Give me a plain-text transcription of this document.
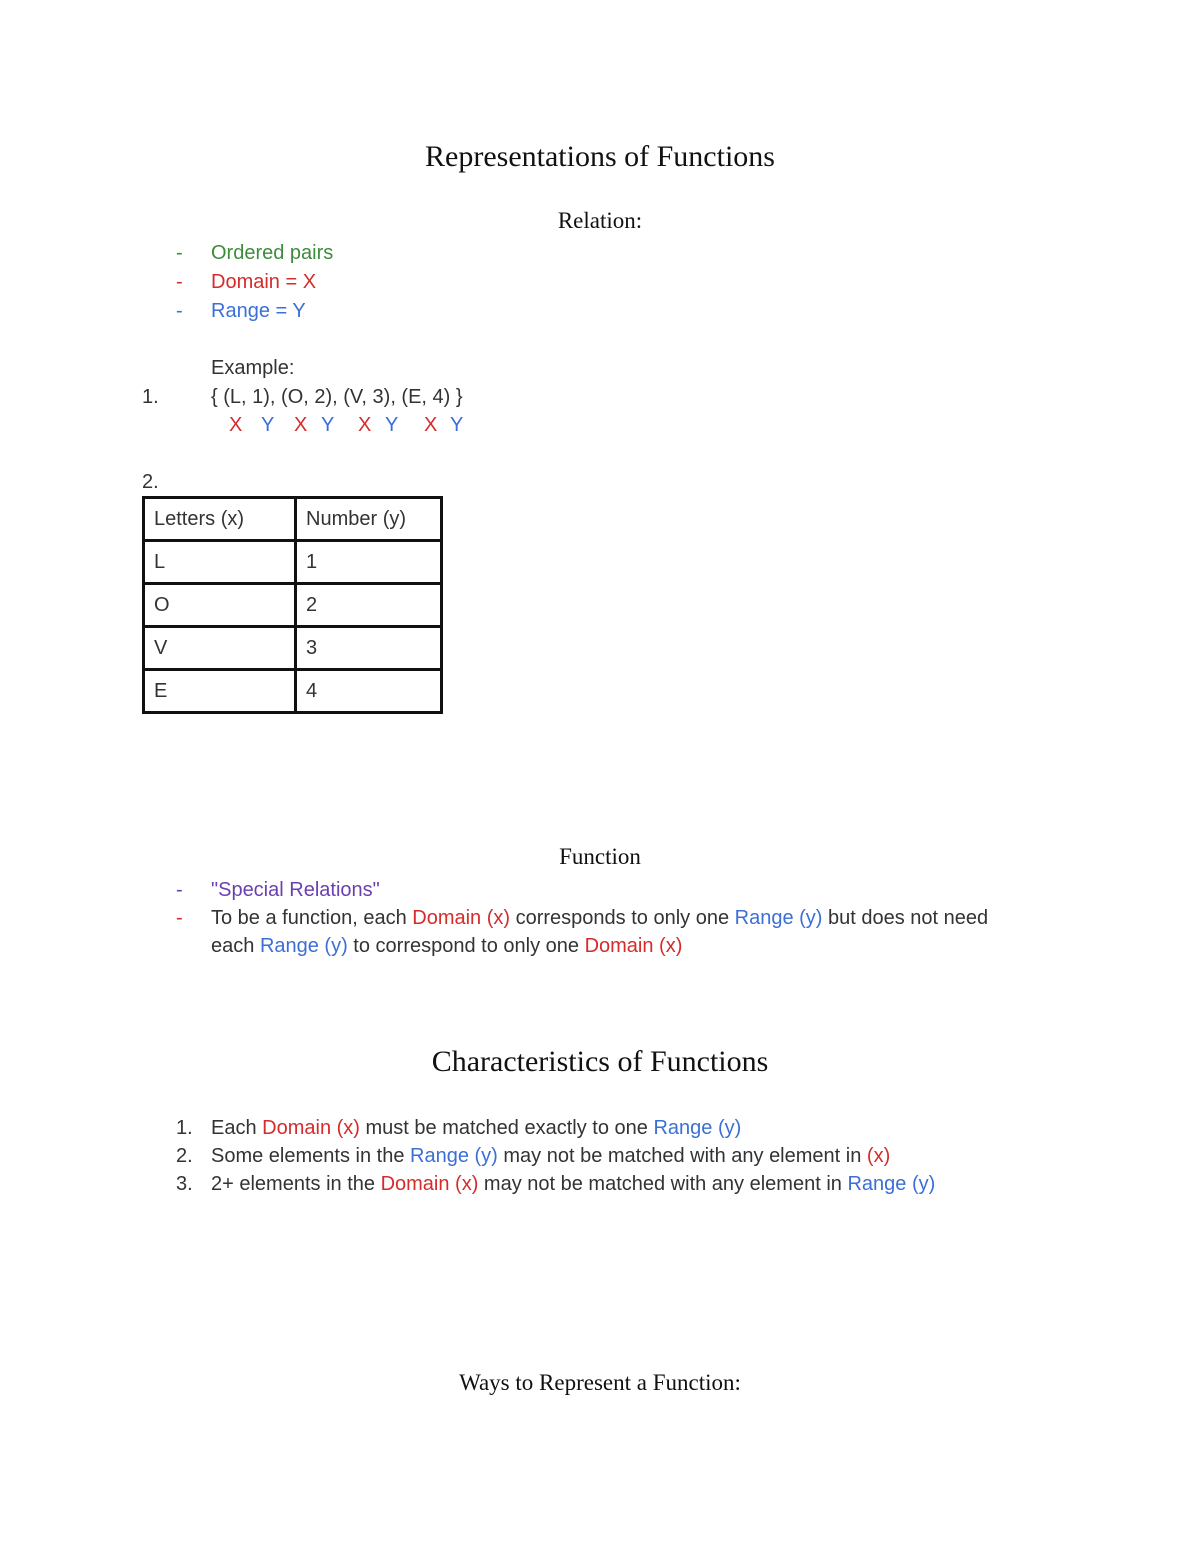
Representations of Functions
Relation:
- Ordered pairs
- Domain = X
- Range = Y
Example:
1.	{ (L, 1), (O, 2), (V, 3), (E, 4) }
X Y X Y X Y X Y
2.
Letters (x)	Number (y)
L	1
O	2
V	3
E	4
Function
- "Special Relations"
- To be a function, each Domain (x) corresponds to only one Range (y) but does not need
each Range (y) to correspond to only one Domain (x)
Characteristics of Functions
1. Each Domain (x) must be matched exactly to one Range (y)
2. Some elements in the Range (y) may not be matched with any element in (x)
3. 2+ elements in the Domain (x) may not be matched with any element in Range (y)
Ways to Represent a Function:
